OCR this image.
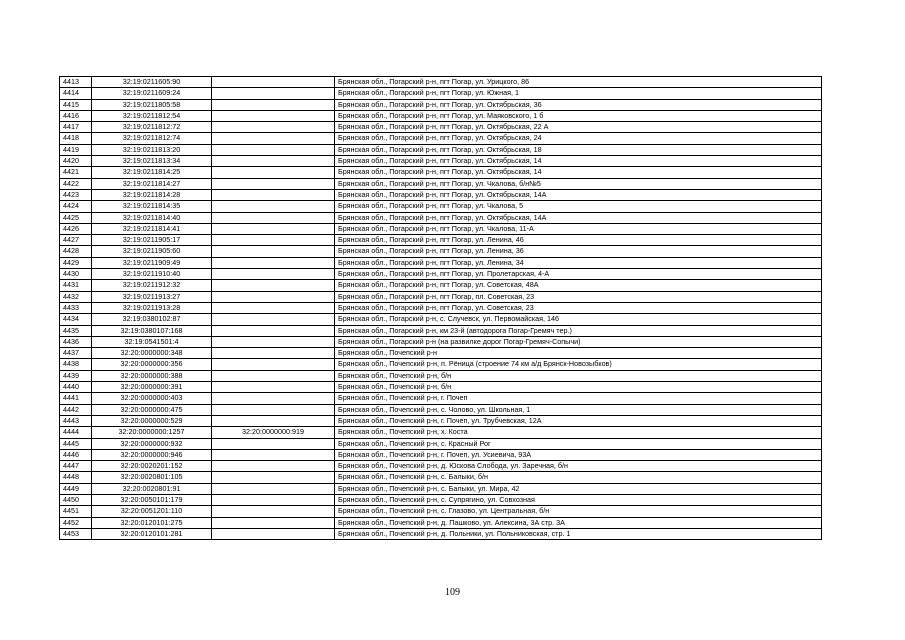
4413	32:19:0211605:90		Брянская обл., Погарский р-н, пгт Погар, ул. Урицкого, 86
4414	32:19:0211609:24		Брянская обл., Погарский р-н, пгт Погар, ул. Южная, 1
4415	32:19:0211805:58		Брянская обл., Погарский р-н, пгт Погар, ул. Октябрьская, 36
4416	32:19:0211812:54		Брянская обл., Погарский р-н, пгт Погар, ул. Маяковского, 1 б
4417	32:19:0211812:72		Брянская обл., Погарский р-н, пгт Погар, ул. Октябрьская, 22 А
4418	32:19:0211812:74		Брянская обл., Погарский р-н, пгт Погар, ул. Октябрьская, 24
4419	32:19:0211813:20		Брянская обл., Погарский р-н, пгт Погар, ул. Октябрьская, 18
4420	32:19:0211813:34		Брянская обл., Погарский р-н, пгт Погар, ул. Октябрьская, 14
4421	32:19:0211814:25		Брянская обл., Погарский р-н, пгт Погар, ул. Октябрьская, 14
4422	32:19:0211814:27		Брянская обл., Погарский р-н, пгт Погар, ул. Чкалова, б/н№5
4423	32:19:0211814:28		Брянская обл., Погарский р-н, пгт Погар, ул. Октябрьская, 14А
4424	32:19:0211814:35		Брянская обл., Погарский р-н, пгт Погар, ул. Чкалова, 5
4425	32:19:0211814:40		Брянская обл., Погарский р-н, пгт Погар, ул. Октябрьская, 14А
4426	32:19:0211814:41		Брянская обл., Погарский р-н, пгт Погар, ул. Чкалова, 11-А
4427	32:19:0211905:17		Брянская обл., Погарский р-н, пгт Погар, ул. Ленина, 46
4428	32:19:0211905:60		Брянская обл., Погарский р-н, пгт Погар, ул. Ленина, 36
4429	32:19:0211909:49		Брянская обл., Погарский р-н, пгт Погар, ул. Ленина, 34
4430	32:19:0211910:40		Брянская обл., Погарский р-н, пгт Погар, ул. Пролетарская, 4-А
4431	32:19:0211912:32		Брянская обл., Погарский р-н, пгт Погар, ул. Советская, 48А
4432	32:19:0211913:27		Брянская обл., Погарский р-н, пгт Погар, пл. Советская, 23
4433	32:19:0211913:28		Брянская обл., Погарский р-н, пгт Погар, ул. Советская, 23
4434	32:19:0380102:87		Брянская обл., Погарский р-н, с. Случевск, ул. Первомайская, 146
4435	32:19:0380107:168		Брянская обл., Погарский р-н, км 23-й (автодорога Погар-Гремяч тер.)
4436	32:19:0541501:4		Брянская обл., Погарский р-н (на развилке дорог Погар-Гремяч-Сопычи)
4437	32:20:0000000:348		Брянская обл., Почепский р-н
4438	32:20:0000000:356		Брянская обл., Почепский р-н, п. Рёница (строение 74 км а/д Брянск-Новозыбков)
4439	32:20:0000000:388		Брянская обл., Почепский р-н, б/н
4440	32:20:0000000:391		Брянская обл., Почепский р-н, б/н
4441	32:20:0000000:403		Брянская обл., Почепский р-н, г. Почеп
4442	32:20:0000000:475		Брянская обл., Почепский р-н, с. Чолово, ул. Школьная, 1
4443	32:20:0000000:529		Брянская обл., Почепский р-н, г. Почеп, ул. Трубчевская, 12А
4444	32:20:0000000:1257	32:20:0000000:919	Брянская обл., Почепский р-н, х. Коста
4445	32:20:0000000:932		Брянская обл., Почепский р-н, с. Красный Рог
4446	32:20:0000000:946		Брянская обл., Почепский р-н, г. Почеп, ул. Усиевича, 93А
4447	32:20:0020201:152		Брянская обл., Почепский р-н, д. Юскова Слобода, ул. Заречная, б/н
4448	32:20:0020801:105		Брянская обл., Почепский р-н, с. Балыки, б/н
4449	32:20:0020801:91		Брянская обл., Почепский р-н, с. Балыки, ул. Мира, 42
4450	32:20:0050101:179		Брянская обл., Почепский р-н, с. Супрягино, ул. Совхозная
4451	32:20:0051201:110		Брянская обл., Почепский р-н, с. Глазово, ул. Центральная, б/н
4452	32:20:0120101:275		Брянская обл., Почепский р-н, д. Пашково, ул. Алексина, 3А стр. 3А
4453	32:20:0120101:281		Брянская обл., Почепский р-н, д. Польники, ул. Польниковская, стр. 1
109
